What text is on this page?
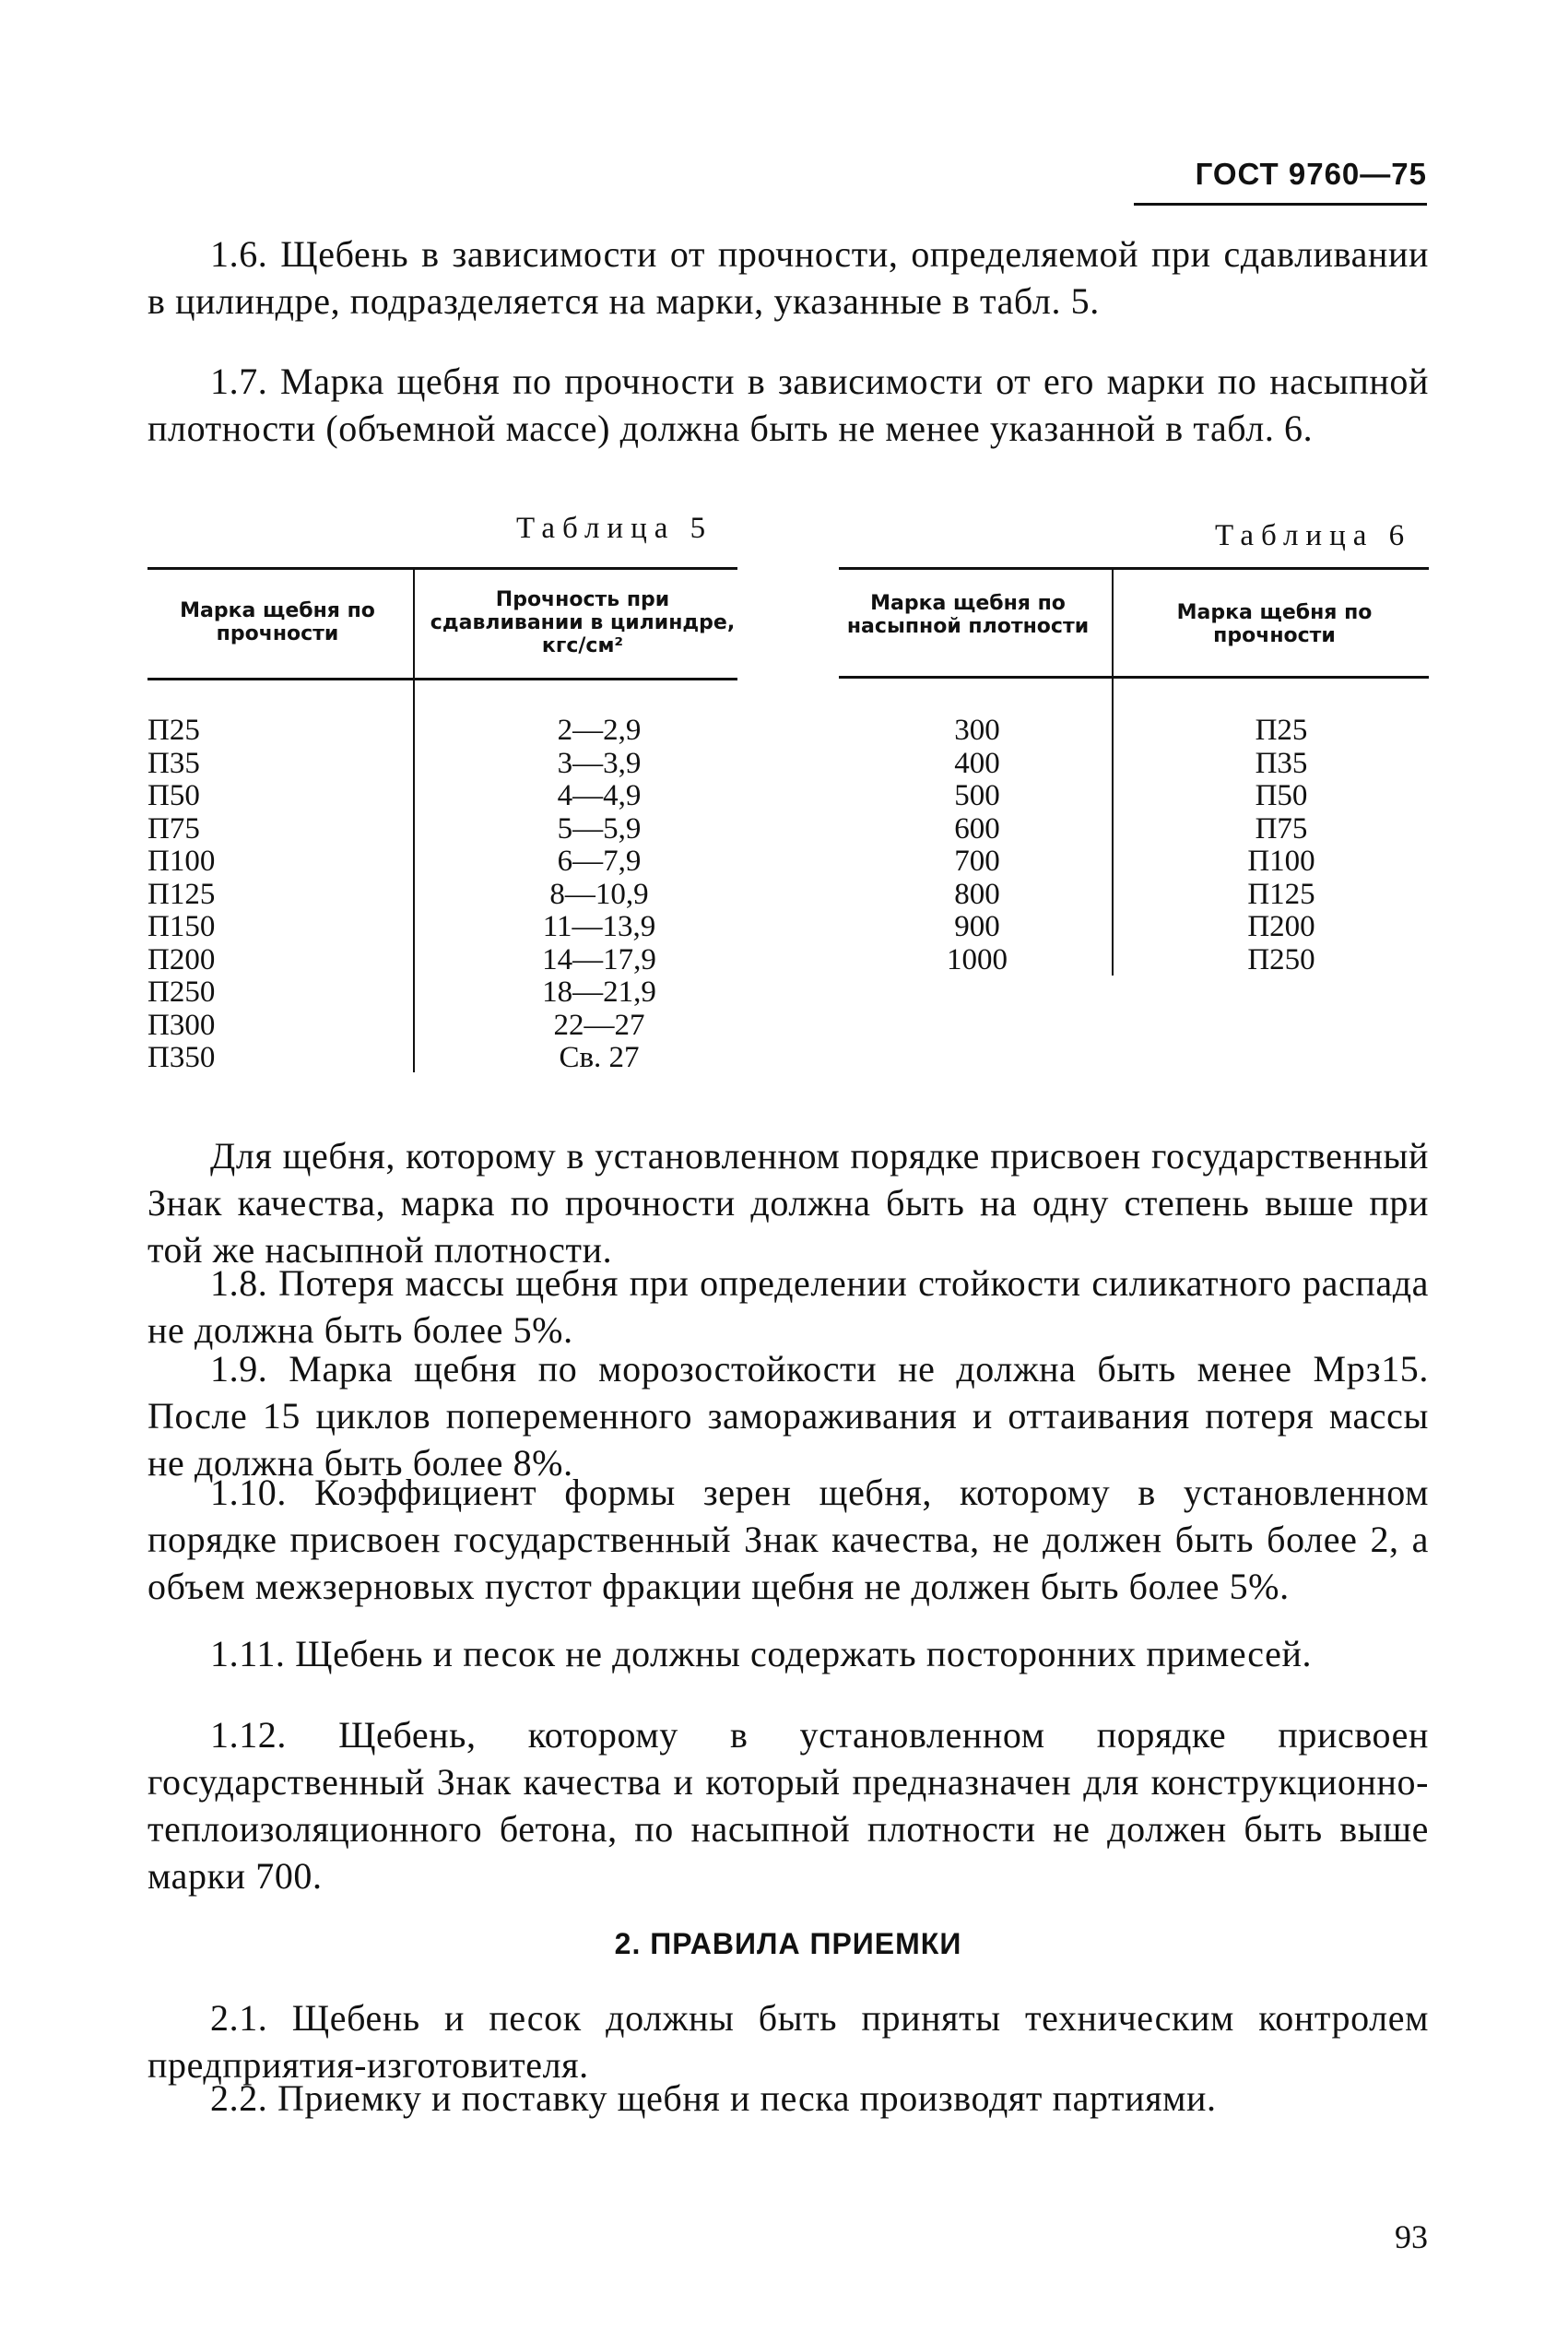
ГОСТ 9760—75

1.6. Щебень в зависимости от прочности, определяемой при сдавливании в цилиндре, подразделяется на марки, указанные в табл. 5.

1.7. Марка щебня по прочности в зависимости от его марки по насыпной плотности (объемной массе) должна быть не менее указанной в табл. 6.

Таблица 5
Марка щебня по прочности
Прочность при сдавливании в цилиндре, кгс/см²
П25
П35
П50
П75
П100
П125
П150
П200
П250
П300
П350
2—2,9
3—3,9
4—4,9
5—5,9
6—7,9
8—10,9
11—13,9
14—17,9
18—21,9
22—27
Св. 27
Таблица 6
Марка щебня по насыпной плотности
Марка щебня по прочности
300
400
500
600
700
800
900
1000
П25
П35
П50
П75
П100
П125
П200
П250

Для щебня, которому в установленном порядке присвоен государственный Знак качества, марка по прочности должна быть на одну степень выше при той же насыпной плотности.

1.8. Потеря массы щебня при определении стойкости силикатного распада не должна быть более 5%.

1.9. Марка щебня по морозостойкости не должна быть менее Мрз15. После 15 циклов попеременного замораживания и оттаивания потеря массы не должна быть более 8%.

1.10. Коэффициент формы зерен щебня, которому в установленном порядке присвоен государственный Знак качества, не должен быть более 2, а объем межзерновых пустот фракции щебня не должен быть более 5%.

1.11. Щебень и песок не должны содержать посторонних примесей.

1.12. Щебень, которому в установленном порядке присвоен государственный Знак качества и который предназначен для конструкционно-теплоизоляционного бетона, по насыпной плотности не должен быть выше марки 700.

2. ПРАВИЛА ПРИЕМКИ

2.1. Щебень и песок должны быть приняты техническим контролем предприятия-изготовителя.

2.2. Приемку и поставку щебня и песка производят партиями.

93
